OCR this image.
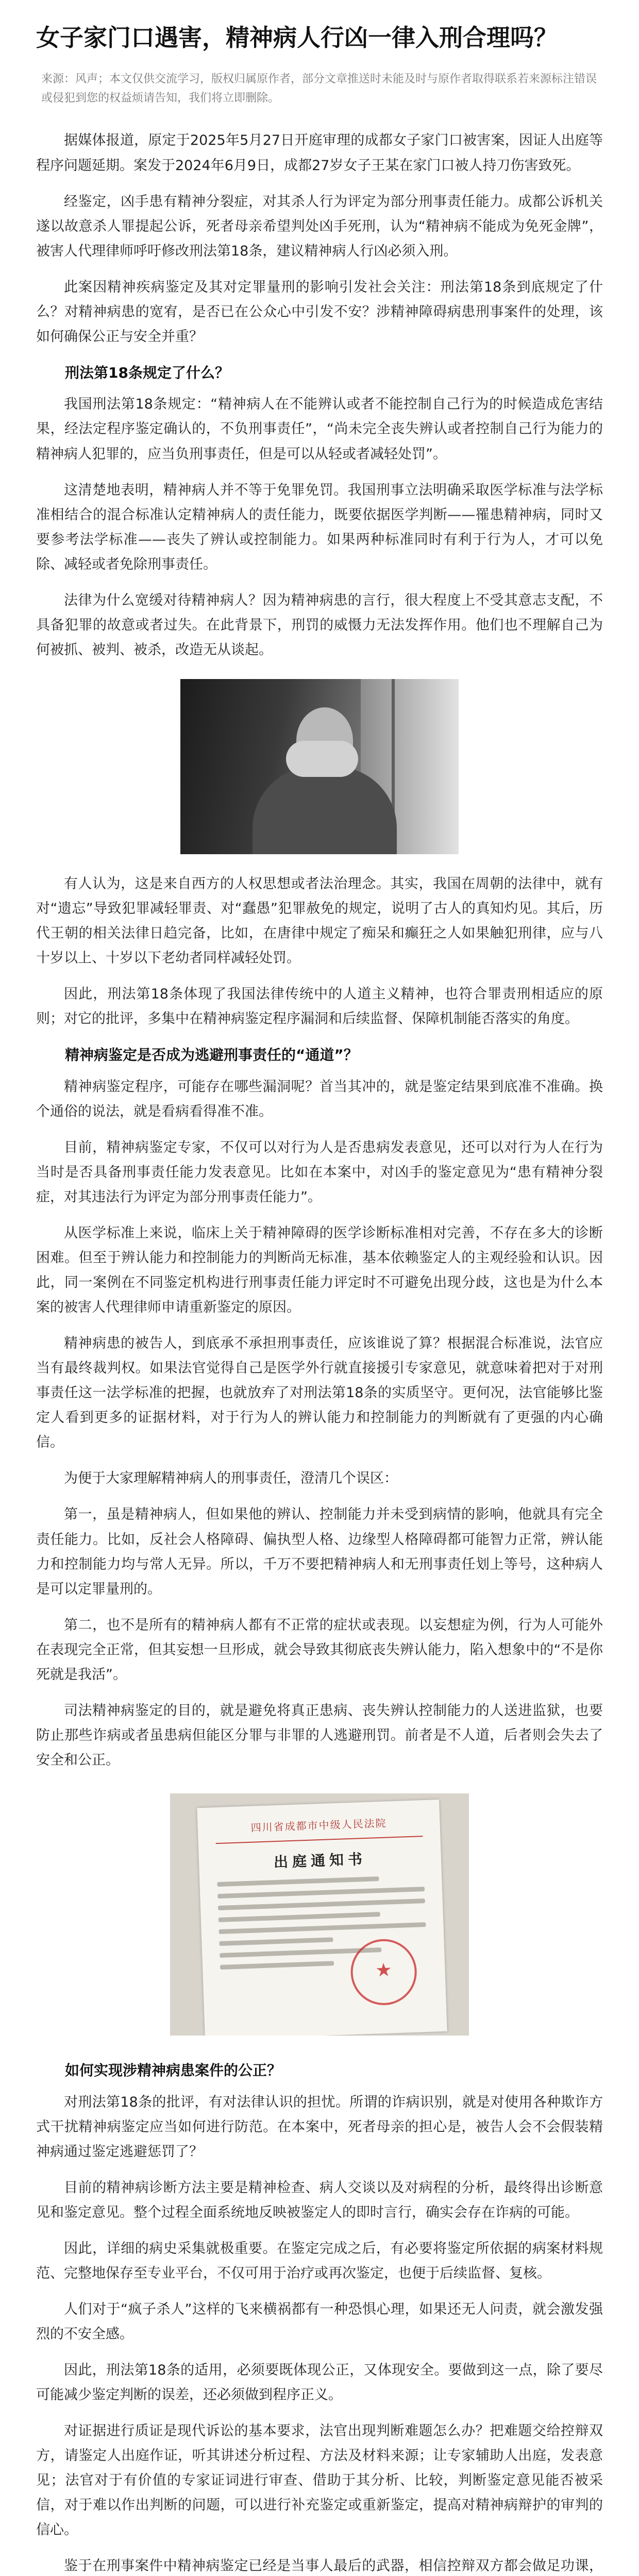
女子家门口遇害，精神病人行凶一律入刑合理吗？
来源：风声；本文仅供交流学习，版权归属原作者，部分文章推送时未能及时与原作者取得联系若来源标注错误或侵犯到您的权益烦请告知，我们将立即删除。

据媒体报道，原定于2025年5月27日开庭审理的成都女子家门口被害案，因证人出庭等程序问题延期。案发于2024年6月9日，成都27岁女子王某在家门口被人持刀伤害致死。

经鉴定，凶手患有精神分裂症，对其杀人行为评定为部分刑事责任能力。成都公诉机关遂以故意杀人罪提起公诉，死者母亲希望判处凶手死刑，认为“精神病不能成为免死金牌”，被害人代理律师呼吁修改刑法第18条，建议精神病人行凶必须入刑。

此案因精神疾病鉴定及其对定罪量刑的影响引发社会关注：刑法第18条到底规定了什么？对精神病患的宽宥，是否已在公众心中引发不安？涉精神障碍病患刑事案件的处理，该如何确保公正与安全并重？

刑法第18条规定了什么？

我国刑法第18条规定：“精神病人在不能辨认或者不能控制自己行为的时候造成危害结果，经法定程序鉴定确认的，不负刑事责任”，“尚未完全丧失辨认或者控制自己行为能力的精神病人犯罪的，应当负刑事责任，但是可以从轻或者减轻处罚”。

这清楚地表明，精神病人并不等于免罪免罚。我国刑事立法明确采取医学标准与法学标准相结合的混合标准认定精神病人的责任能力，既要依据医学判断——罹患精神病，同时又要参考法学标准——丧失了辨认或控制能力。如果两种标准同时有利于行为人，才可以免除、减轻或者免除刑事责任。

法律为什么宽缓对待精神病人？因为精神病患的言行，很大程度上不受其意志支配，不具备犯罪的故意或者过失。在此背景下，刑罚的威慑力无法发挥作用。他们也不理解自己为何被抓、被判、被杀，改造无从谈起。

有人认为，这是来自西方的人权思想或者法治理念。其实，我国在周朝的法律中，就有对“遗忘”导致犯罪减轻罪责、对“蠢愚”犯罪赦免的规定，说明了古人的真知灼见。其后，历代王朝的相关法律日趋完备，比如，在唐律中规定了痴呆和癫狂之人如果触犯刑律，应与八十岁以上、十岁以下老幼者同样减轻处罚。

因此，刑法第18条体现了我国法律传统中的人道主义精神，也符合罪责刑相适应的原则；对它的批评，多集中在精神病鉴定程序漏洞和后续监督、保障机制能否落实的角度。

精神病鉴定是否成为逃避刑事责任的“通道”？

精神病鉴定程序，可能存在哪些漏洞呢？首当其冲的，就是鉴定结果到底准不准确。换个通俗的说法，就是看病看得准不准。

目前，精神病鉴定专家，不仅可以对行为人是否患病发表意见，还可以对行为人在行为当时是否具备刑事责任能力发表意见。比如在本案中，对凶手的鉴定意见为“患有精神分裂症，对其违法行为评定为部分刑事责任能力”。

从医学标准上来说，临床上关于精神障碍的医学诊断标准相对完善，不存在多大的诊断困难。但至于辨认能力和控制能力的判断尚无标准，基本依赖鉴定人的主观经验和认识。因此，同一案例在不同鉴定机构进行刑事责任能力评定时不可避免出现分歧，这也是为什么本案的被害人代理律师申请重新鉴定的原因。

精神病患的被告人，到底承不承担刑事责任，应该谁说了算？根据混合标准说，法官应当有最终裁判权。如果法官觉得自己是医学外行就直接援引专家意见，就意味着把对于对刑事责任这一法学标准的把握，也就放弃了对刑法第18条的实质坚守。更何况，法官能够比鉴定人看到更多的证据材料，对于行为人的辨认能力和控制能力的判断就有了更强的内心确信。

为便于大家理解精神病人的刑事责任，澄清几个误区：

第一，虽是精神病人，但如果他的辨认、控制能力并未受到病情的影响，他就具有完全责任能力。比如，反社会人格障碍、偏执型人格、边缘型人格障碍都可能智力正常，辨认能力和控制能力均与常人无异。所以，千万不要把精神病人和无刑事责任划上等号，这种病人是可以定罪量刑的。

第二，也不是所有的精神病人都有不正常的症状或表现。以妄想症为例，行为人可能外在表现完全正常，但其妄想一旦形成，就会导致其彻底丧失辨认能力，陷入想象中的“不是你死就是我活”。

司法精神病鉴定的目的，就是避免将真正患病、丧失辨认控制能力的人送进监狱，也要防止那些诈病或者虽患病但能区分罪与非罪的人逃避刑罚。前者是不人道，后者则会失去了安全和公正。

四川省成都市中级人民法院
出庭通知书
★

如何实现涉精神病患案件的公正？

对刑法第18条的批评，有对法律认识的担忧。所谓的诈病识别，就是对使用各种欺诈方式干扰精神病鉴定应当如何进行防范。在本案中，死者母亲的担心是，被告人会不会假装精神病通过鉴定逃避惩罚了？

目前的精神病诊断方法主要是精神检查、病人交谈以及对病程的分析，最终得出诊断意见和鉴定意见。整个过程全面系统地反映被鉴定人的即时言行，确实会存在诈病的可能。

因此，详细的病史采集就极重要。在鉴定完成之后，有必要将鉴定所依据的病案材料规范、完整地保存至专业平台，不仅可用于治疗或再次鉴定，也便于后续监督、复核。

人们对于“疯子杀人”这样的飞来横祸都有一种恐惧心理，如果还无人问责，就会激发强烈的不安全感。

因此，刑法第18条的适用，必须要既体现公正，又体现安全。要做到这一点，除了要尽可能减少鉴定判断的误差，还必须做到程序正义。

对证据进行质证是现代诉讼的基本要求，法官出现判断难题怎么办？把难题交给控辩双方，请鉴定人出庭作证，听其讲述分析过程、方法及材料来源；让专家辅助人出庭，发表意见；法官对于有价值的专家证词进行审查、借助于其分析、比较，判断鉴定意见能否被采信，对于难以作出判断的问题，可以进行补充鉴定或重新鉴定，提高对精神病辩护的审判的信心。

鉴于在刑事案件中精神病鉴定已经是当事人最后的武器，相信控辩双方都会做足功课，
